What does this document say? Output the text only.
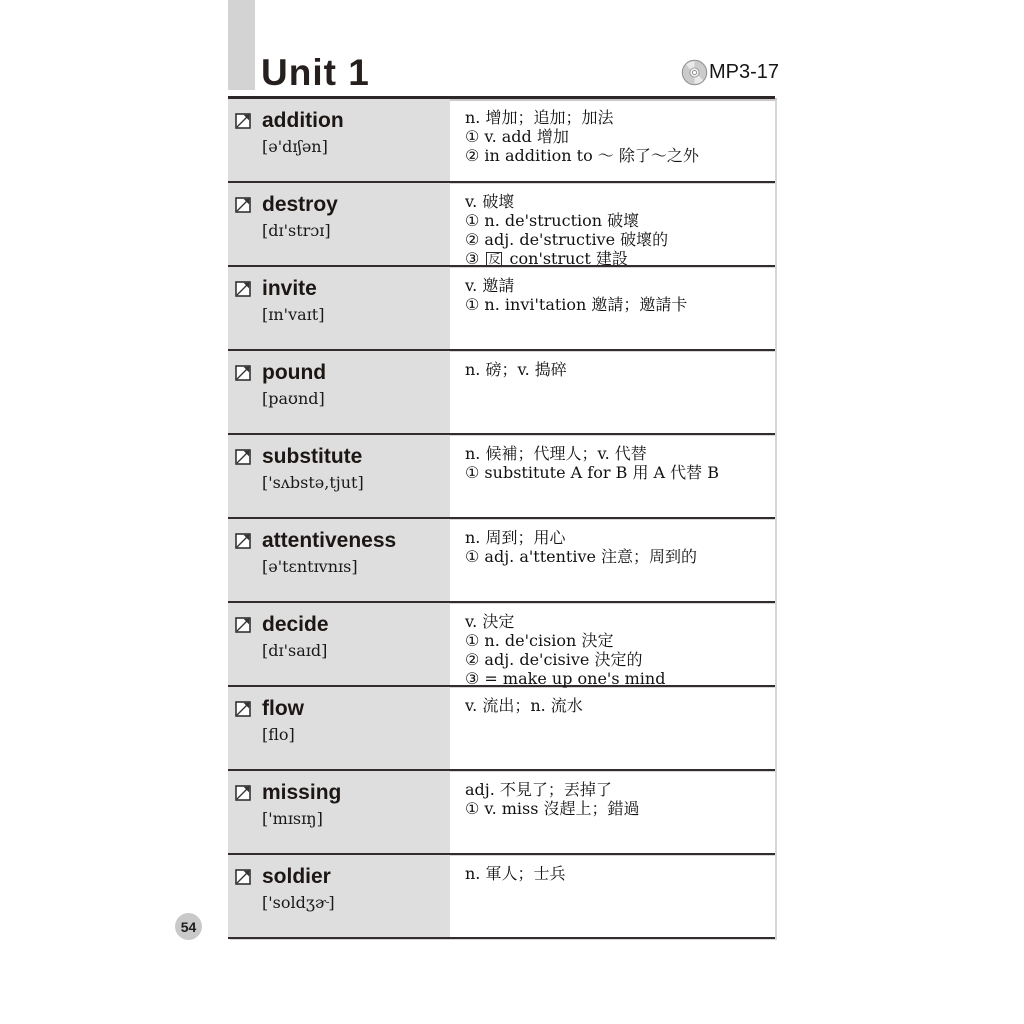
Unit 1	MP3-17
addition
[ə'dɪʃən]
n. 增加；追加；加法
① v. add 增加
② in addition to ～ 除了～之外
destroy
[dɪ'strɔɪ]
v. 破壞
① n. de'struction 破壞
② adj. de'structive 破壞的
③ 反 con'struct 建設
invite
[ɪn'vaɪt]
v. 邀請
① n. invi'tation 邀請；邀請卡
pound
[paʊnd]
n. 磅；v. 搗碎
substitute
['sʌbstə,tjut]
n. 候補；代理人；v. 代替
① substitute A for B 用 A 代替 B
attentiveness
[ə'tɛntɪvnɪs]
n. 周到；用心
① adj. a'ttentive 注意；周到的
decide
[dɪ'saɪd]
v. 決定
① n. de'cision 決定
② adj. de'cisive 決定的
③ = make up one's mind
flow
[flo]
v. 流出；n. 流水
missing
['mɪsɪŋ]
adj. 不見了；丟掉了
① v. miss 沒趕上；錯過
soldier
['soldʒɚ]
n. 軍人；士兵
54
